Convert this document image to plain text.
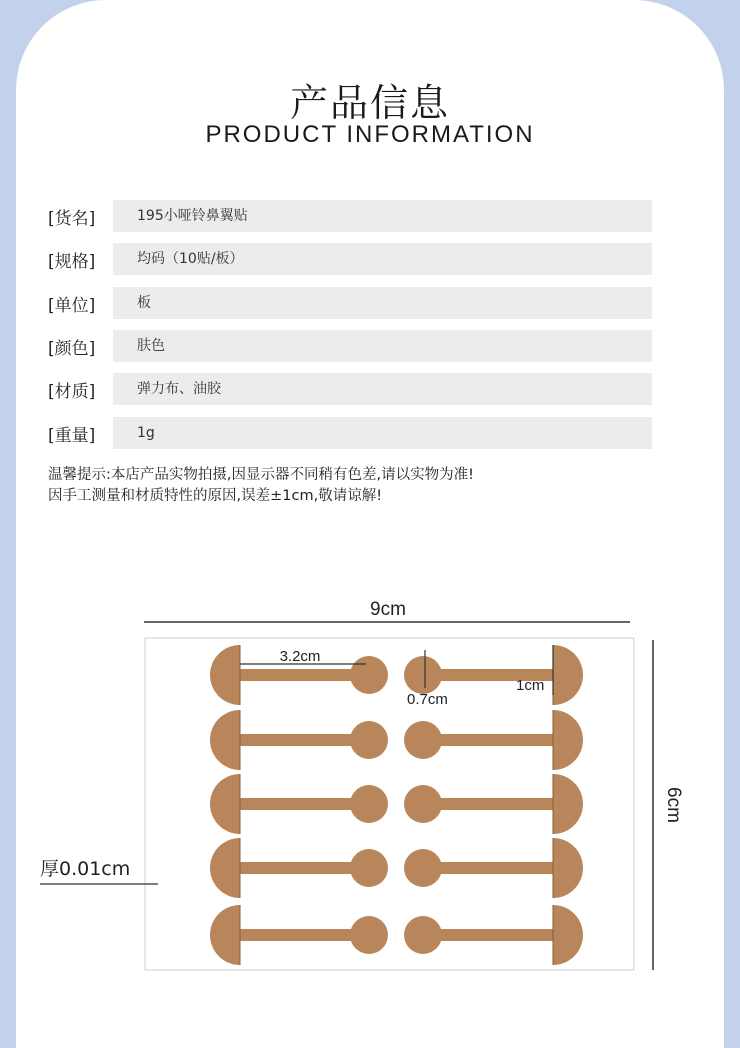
产品信息
PRODUCT INFORMATION
[货名]	195小哑铃鼻翼贴
[规格]	均码（10贴/板）
[单位]	板
[颜色]	肤色
[材质]	弹力布、油胶
[重量]	1g
温馨提示:本店产品实物拍摄,因显示器不同稍有色差,请以实物为准!
因手工测量和材质特性的原因,误差±1cm,敬请谅解!
9cm
6cm
厚0.01cm
3.2cm
0.7cm
1cm
